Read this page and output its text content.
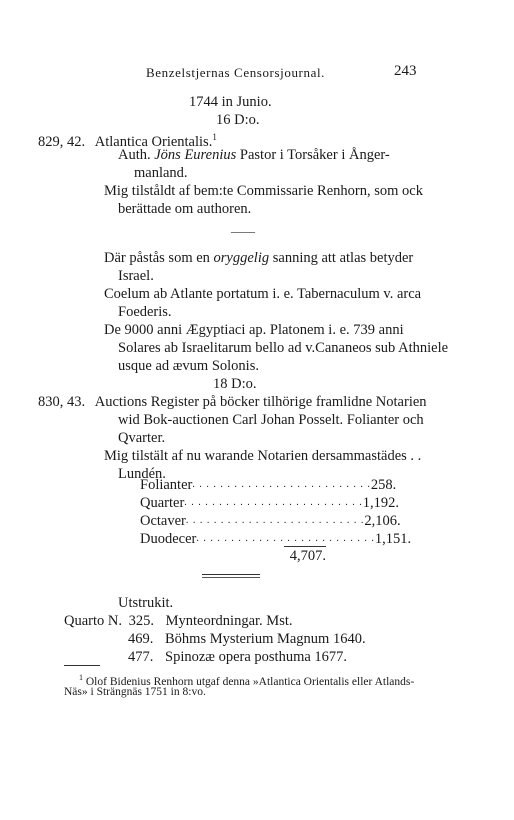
Benzelstjernas Censorsjournal.	243
1744 in Junio.
16 D:o.
829, 42. Atlantica Orientalis.$^1$
Auth. Jöns Eurenius Pastor i Torsåker i Ånger-
manland.
Mig tilståldt af bem:te Commissarie Renhorn, som ock
berättade om authoren.
——
Där påstås som en oryggelig sanning att atlas betyder
Israel.
Coelum ab Atlante portatum i. e. Tabernaculum v. arca
Foederis.
De 9000 anni Ægyptiaci ap. Platonem i. e. 739 anni
Solares ab Israelitarum bello ad v.Cananeos sub Athniele
usque ad ævum Solonis.
18 D:o.
830, 43. Auctions Register på böcker tilhörige framlidne Notarien
wid Bok-auctionen Carl Johan Posselt. Folianter och
Qvarter.
Mig tilstält af nu warande Notarien dersammastädes . .
Lundén.
Folianter . . . . . . . . . . . . . . . . . . . . . . . . . . 258.
Quarter . . . . . . . . . . . . . . . . . . . . . . . . . . 1,192.
Octaver . . . . . . . . . . . . . . . . . . . . . . . . . . 2,106.
Duodecer . . . . . . . . . . . . . . . . . . . . . . . . . . 1,151.
4,707.
Utstrukit.
Quarto N. 325. Mynteordningar. Mst.
469. Böhms Mysterium Magnum 1640.
477. Spinozæ opera posthuma 1677.
$^1$ Olof Bidenius Renhorn utgaf denna »Atlantica Orientalis eller Atlands-
Näs» i Strängnäs 1751 in 8:vo.
